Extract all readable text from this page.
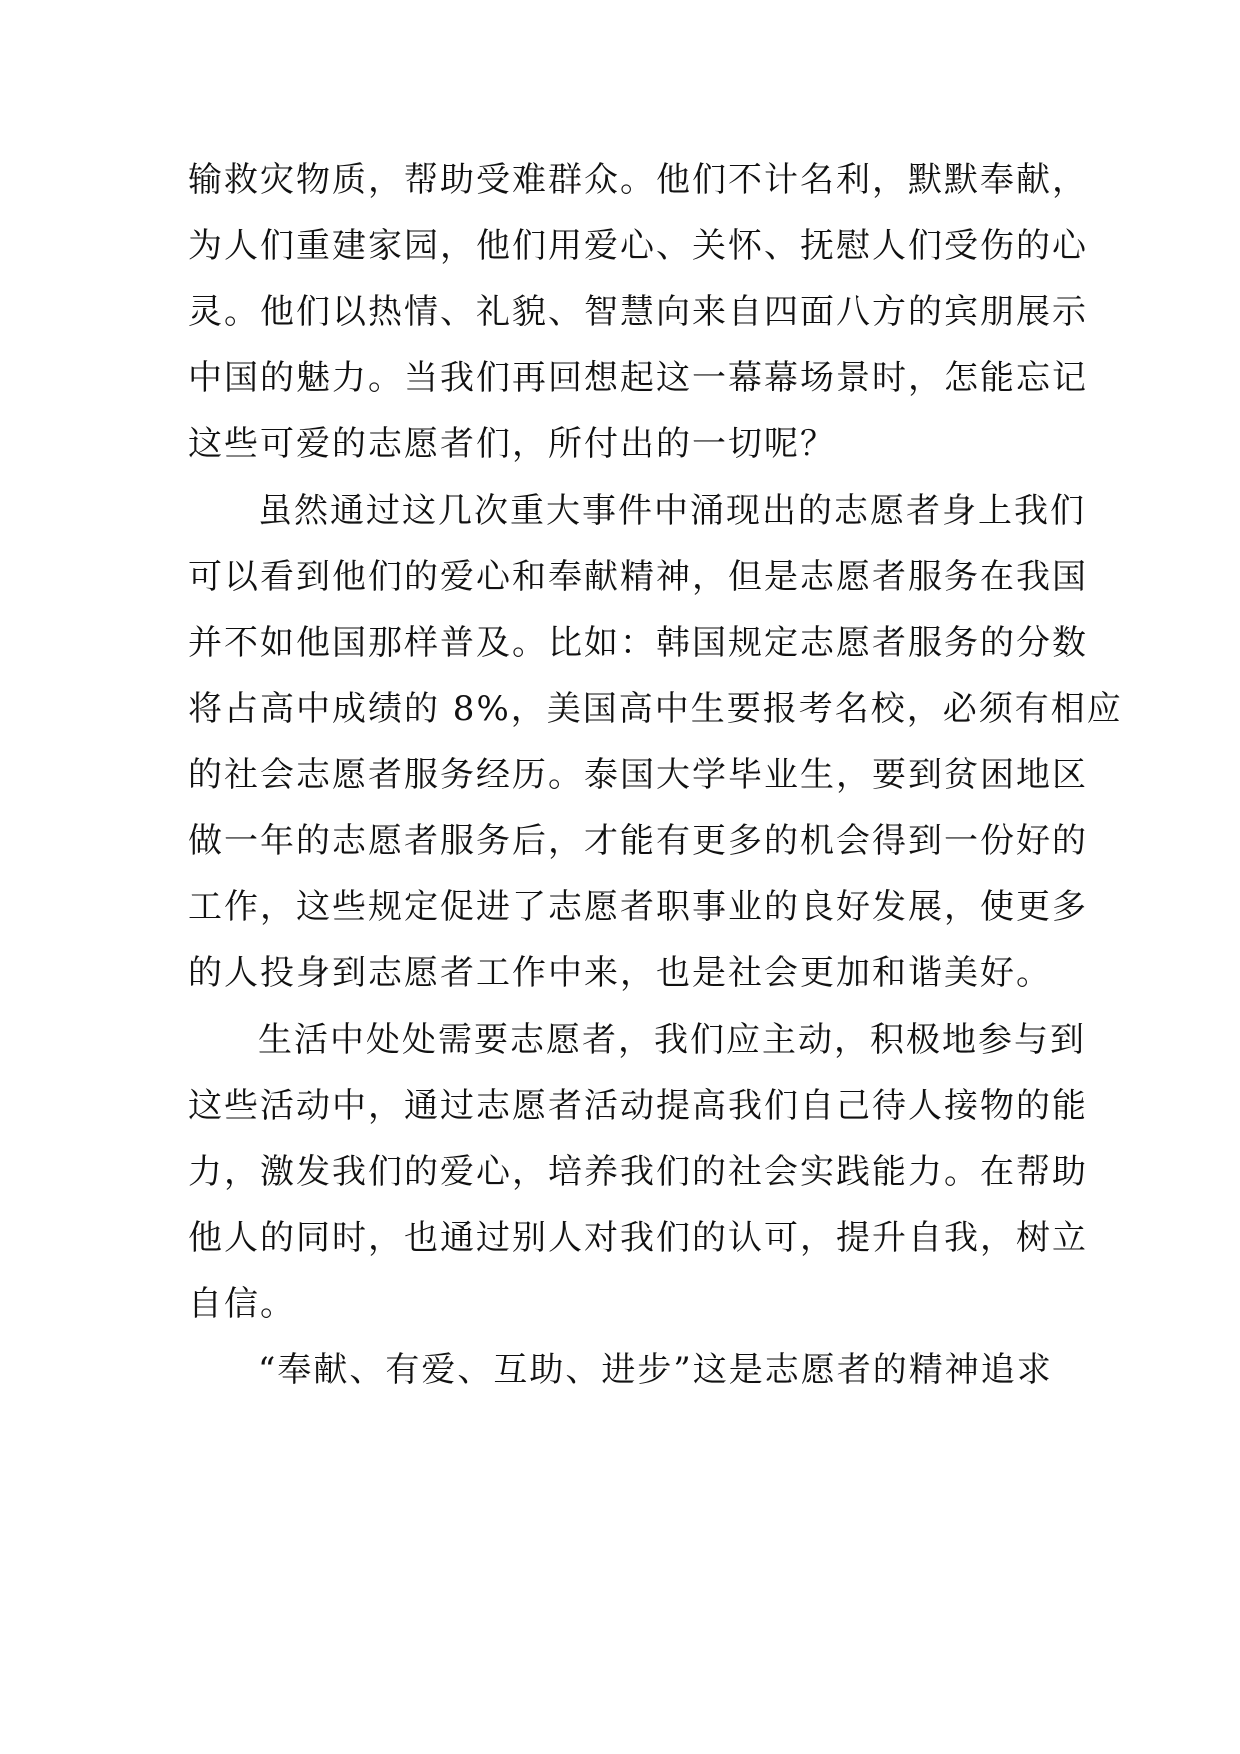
输救灾物质，帮助受难群众。他们不计名利，默默奉献，
为人们重建家园，他们用爱心、关怀、抚慰人们受伤的心
灵。他们以热情、礼貌、智慧向来自四面八方的宾朋展示
中国的魅力。当我们再回想起这一幕幕场景时，怎能忘记
这些可爱的志愿者们，所付出的一切呢？
虽然通过这几次重大事件中涌现出的志愿者身上我们
可以看到他们的爱心和奉献精神，但是志愿者服务在我国
并不如他国那样普及。比如：韩国规定志愿者服务的分数
将占高中成绩的 8%，美国高中生要报考名校，必须有相应
的社会志愿者服务经历。泰国大学毕业生，要到贫困地区
做一年的志愿者服务后，才能有更多的机会得到一份好的
工作，这些规定促进了志愿者职事业的良好发展，使更多
的人投身到志愿者工作中来，也是社会更加和谐美好。
生活中处处需要志愿者，我们应主动，积极地参与到
这些活动中，通过志愿者活动提高我们自己待人接物的能
力，激发我们的爱心，培养我们的社会实践能力。在帮助
他人的同时，也通过别人对我们的认可，提升自我，树立
自信。
“奉献、有爱、互助、进步”这是志愿者的精神追求
